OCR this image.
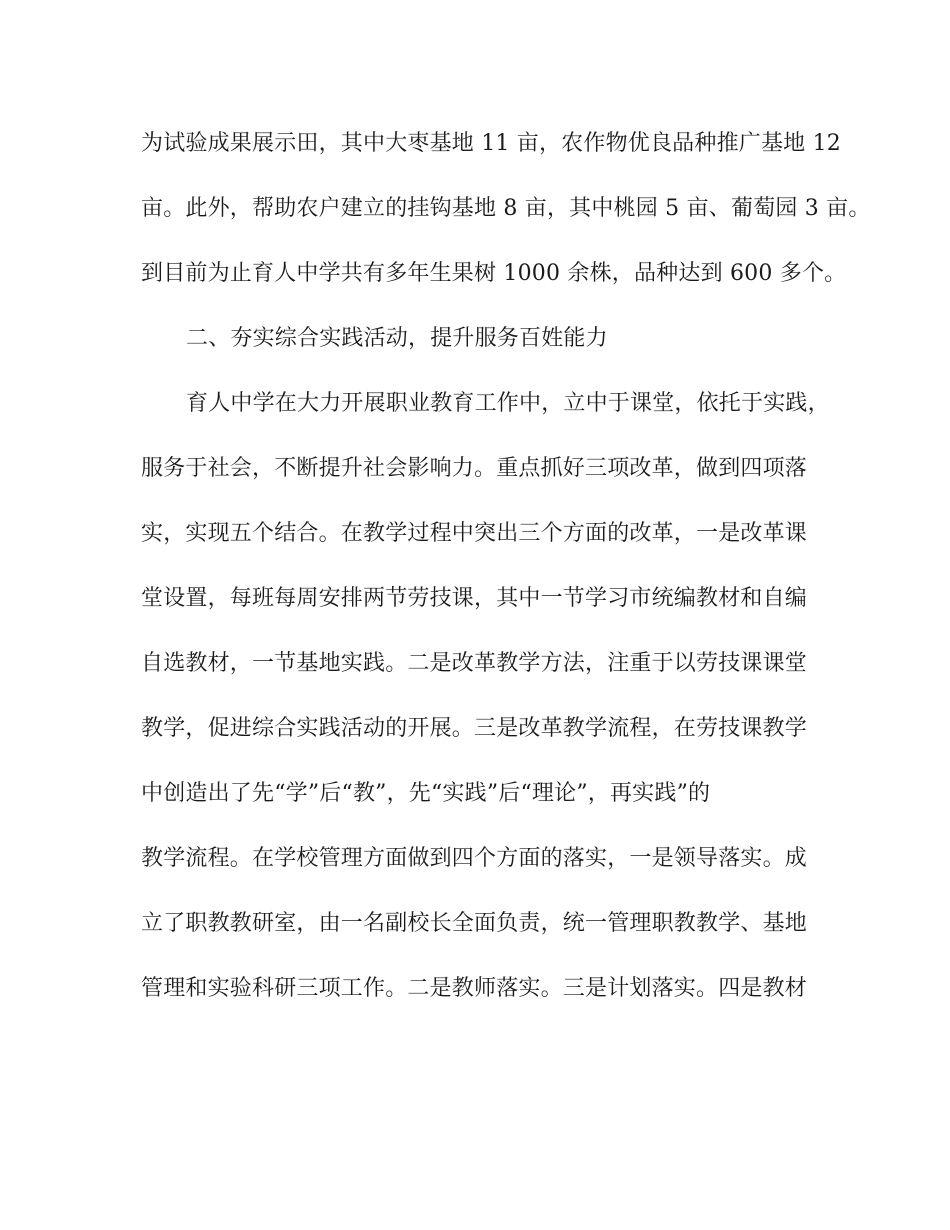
为试验成果展示田，其中大枣基地 11 亩，农作物优良品种推广基地 12
亩。此外，帮助农户建立的挂钩基地 8 亩，其中桃园 5 亩、葡萄园 3 亩。
到目前为止育人中学共有多年生果树 1000 余株，品种达到 600 多个。
二、夯实综合实践活动，提升服务百姓能力
育人中学在大力开展职业教育工作中，立中于课堂，依托于实践，
服务于社会，不断提升社会影响力。重点抓好三项改革，做到四项落
实，实现五个结合。在教学过程中突出三个方面的改革，一是改革课
堂设置，每班每周安排两节劳技课，其中一节学习市统编教材和自编
自选教材，一节基地实践。二是改革教学方法，注重于以劳技课课堂
教学，促进综合实践活动的开展。三是改革教学流程，在劳技课教学
中创造出了先“学”后“教”，先“实践”后“理论”，再实践”的
教学流程。在学校管理方面做到四个方面的落实，一是领导落实。成
立了职教教研室，由一名副校长全面负责，统一管理职教教学、基地
管理和实验科研三项工作。二是教师落实。三是计划落实。四是教材
